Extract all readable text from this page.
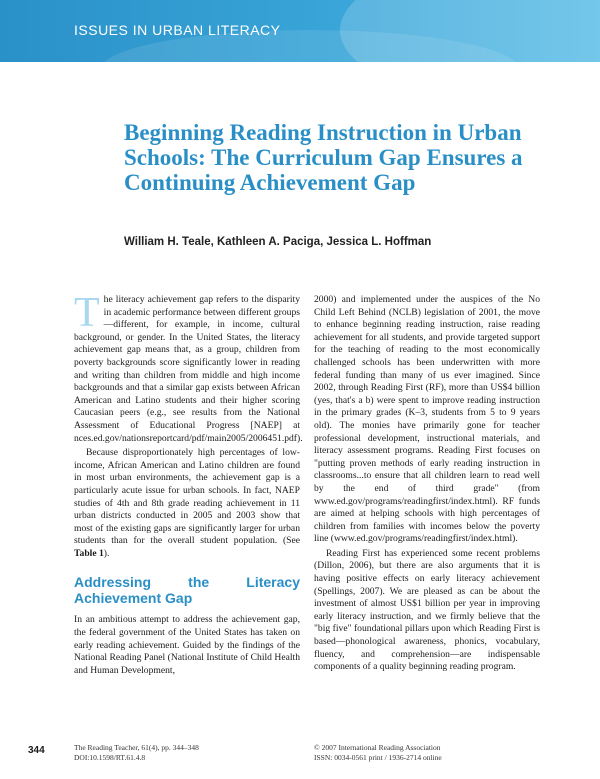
ISSUES IN URBAN LITERACY
Beginning Reading Instruction in Urban Schools: The Curriculum Gap Ensures a Continuing Achievement Gap
William H. Teale, Kathleen A. Paciga, Jessica L. Hoffman

The literacy achievement gap refers to the disparity in academic performance between different groups—different, for example, in income, cultural background, or gender. In the United States, the literacy achievement gap means that, as a group, children from poverty backgrounds score significantly lower in reading and writing than children from middle and high income backgrounds and that a similar gap exists between African American and Latino students and their higher scoring Caucasian peers (e.g., see results from the National Assessment of Educational Progress [NAEP] at nces.ed.gov/nationsreportcard/pdf/main2005/2006451.pdf).

Because disproportionately high percentages of low-income, African American and Latino children are found in most urban environments, the achievement gap is a particularly acute issue for urban schools. In fact, NAEP studies of 4th and 8th grade reading achievement in 11 urban districts conducted in 2005 and 2003 show that most of the existing gaps are significantly larger for urban students than for the overall student population. (See Table 1).

Addressing the Literacy Achievement Gap

In an ambitious attempt to address the achievement gap, the federal government of the United States has taken on early reading achievement. Guided by the findings of the National Reading Panel (National Institute of Child Health and Human Development,

2000) and implemented under the auspices of the No Child Left Behind (NCLB) legislation of 2001, the move to enhance beginning reading instruction, raise reading achievement for all students, and provide targeted support for the teaching of reading to the most economically challenged schools has been underwritten with more federal funding than many of us ever imagined. Since 2002, through Reading First (RF), more than US$4 billion (yes, that's a b) were spent to improve reading instruction in the primary grades (K–3, students from 5 to 9 years old). The monies have primarily gone for teacher professional development, instructional materials, and literacy assessment programs. Reading First focuses on "putting proven methods of early reading instruction in classrooms...to ensure that all children learn to read well by the end of third grade" (from www.ed.gov/programs/readingfirst/index.html). RF funds are aimed at helping schools with high percentages of children from families with incomes below the poverty line (www.ed.gov/programs/readingfirst/index.html).

Reading First has experienced some recent problems (Dillon, 2006), but there are also arguments that it is having positive effects on early literacy achievement (Spellings, 2007). We are pleased as can be about the investment of almost US$1 billion per year in improving early literacy instruction, and we firmly believe that the "big five" foundational pillars upon which Reading First is based—phonological awareness, phonics, vocabulary, fluency, and comprehension—are indispensable components of a quality beginning reading program.

344	The Reading Teacher, 61(4), pp. 344–348
DOI:10.1598/RT.61.4.8
© 2007 International Reading Association
ISSN: 0034-0561 print / 1936-2714 online
